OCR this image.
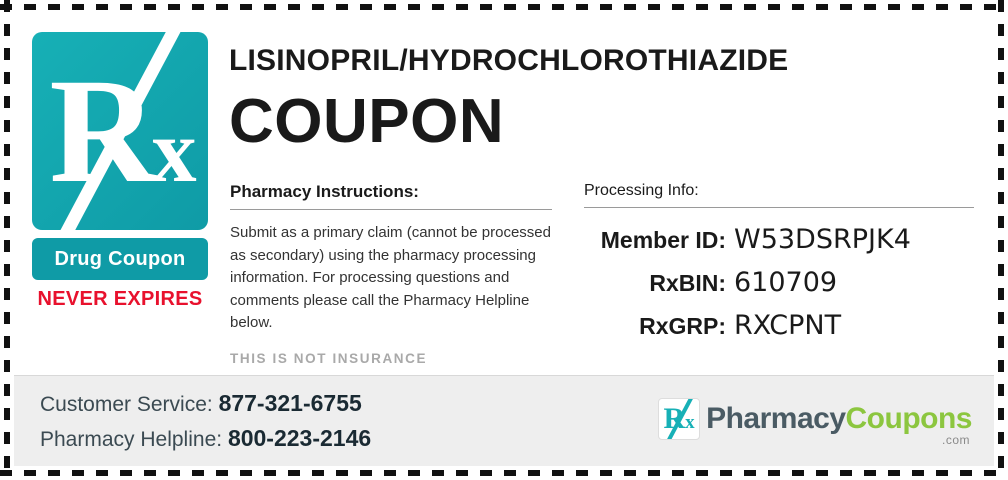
Rx
Drug Coupon
NEVER EXPIRES
LISINOPRIL/HYDROCHLOROTHIAZIDE
COUPON
Pharmacy Instructions:
Submit as a primary claim (cannot be processed as secondary) using the pharmacy processing information. For processing questions and comments please call the Pharmacy Helpline below.
THIS IS NOT INSURANCE
Processing Info:
Member ID: W53DSRPJK4
RxBIN: 610709
RxGRP: RXCPNT
Customer Service: 877-321-6755
Pharmacy Helpline: 800-223-2146
Rx PharmacyCoupons
.com
